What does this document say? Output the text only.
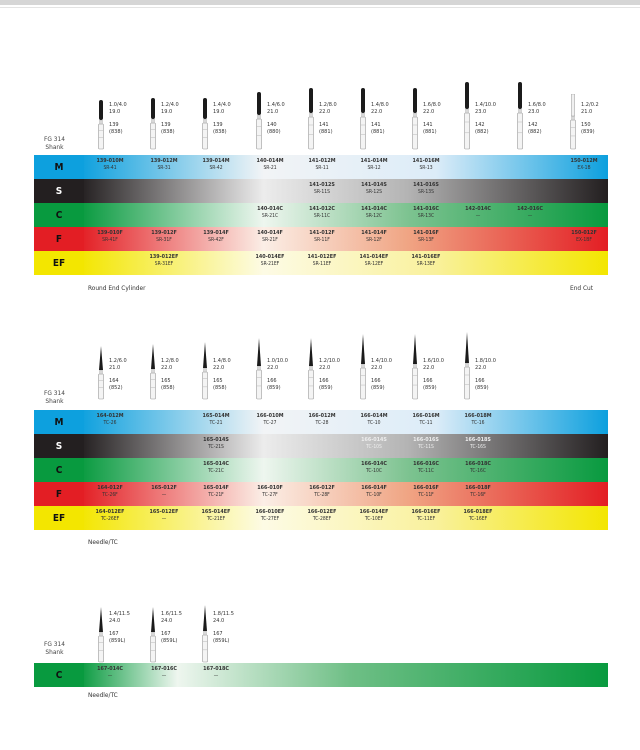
FG 314
Shank
1.0/4.0
19.0
139
(838)
1.2/4.0
19.0
139
(838)
1.4/4.0
19.0
139
(838)
1.4/6.0
21.0
140
(880)
1.2/8.0
22.0
141
(881)
1.4/8.0
22.0
141
(881)
1.6/8.0
22.0
141
(881)
1.4/10.0
23.0
142
(882)
1.6/8.0
23.0
142
(882)
1.2/0.2
21.0
150
(839)
M
139-010M
SR-41
139-012M
SR-31
139-014M
SR-42
140-014M
SR-21
141-012M
SR-11
141-014M
SR-12
141-016M
SR-13
150-012M
EX-1B
S
141-012S
SR-11S
141-014S
SR-12S
141-016S
SR-13S
C
140-014C
SR-21C
141-012C
SR-11C
141-014C
SR-12C
141-016C
SR-13C
142-014C
—
142-016C
—
F
139-010F
SR-41F
139-012F
SR-31F
139-014F
SR-42F
140-014F
SR-21F
141-012F
SR-11F
141-014F
SR-12F
141-016F
SR-13F
150-012F
EX-1BF
EF
139-012EF
SR-31EF
140-014EF
SR-21EF
141-012EF
SR-11EF
141-014EF
SR-12EF
141-016EF
SR-13EF
Round End Cylinder	End Cut
FG 314
Shank
1.2/6.0
21.0
164
(852)
1.2/8.0
22.0
165
(858)
1.4/8.0
22.0
165
(858)
1.0/10.0
22.0
166
(859)
1.2/10.0
22.0
166
(859)
1.4/10.0
22.0
166
(859)
1.6/10.0
22.0
166
(859)
1.8/10.0
22.0
166
(859)
M
164-012M
TC-26
165-014M
TC-21
166-010M
TC-27
166-012M
TC-28
166-014M
TC-10
166-016M
TC-11
166-018M
TC-16
S
165-014S
TC-21S
166-014S
TC-10S
166-016S
TC-11S
166-018S
TC-16S
C
165-014C
TC-21C
166-014C
TC-10C
166-016C
TC-11C
166-018C
TC-16C
F
164-012F
TC-26F
165-012F
—
165-014F
TC-21F
166-010F
TC-27F
166-012F
TC-28F
166-014F
TC-10F
166-016F
TC-11F
166-018F
TC-16F
EF
164-012EF
TC-26EF
165-012EF
—
165-014EF
TC-21EF
166-010EF
TC-27EF
166-012EF
TC-28EF
166-014EF
TC-10EF
166-016EF
TC-11EF
166-018EF
TC-16EF
Needle/TC
FG 314
Shank
1.4/11.5
24.0
167
(859L)
1.6/11.5
24.0
167
(859L)
1.8/11.5
24.0
167
(859L)
C
167-014C
—
167-016C
—
167-018C
—
Needle/TC
